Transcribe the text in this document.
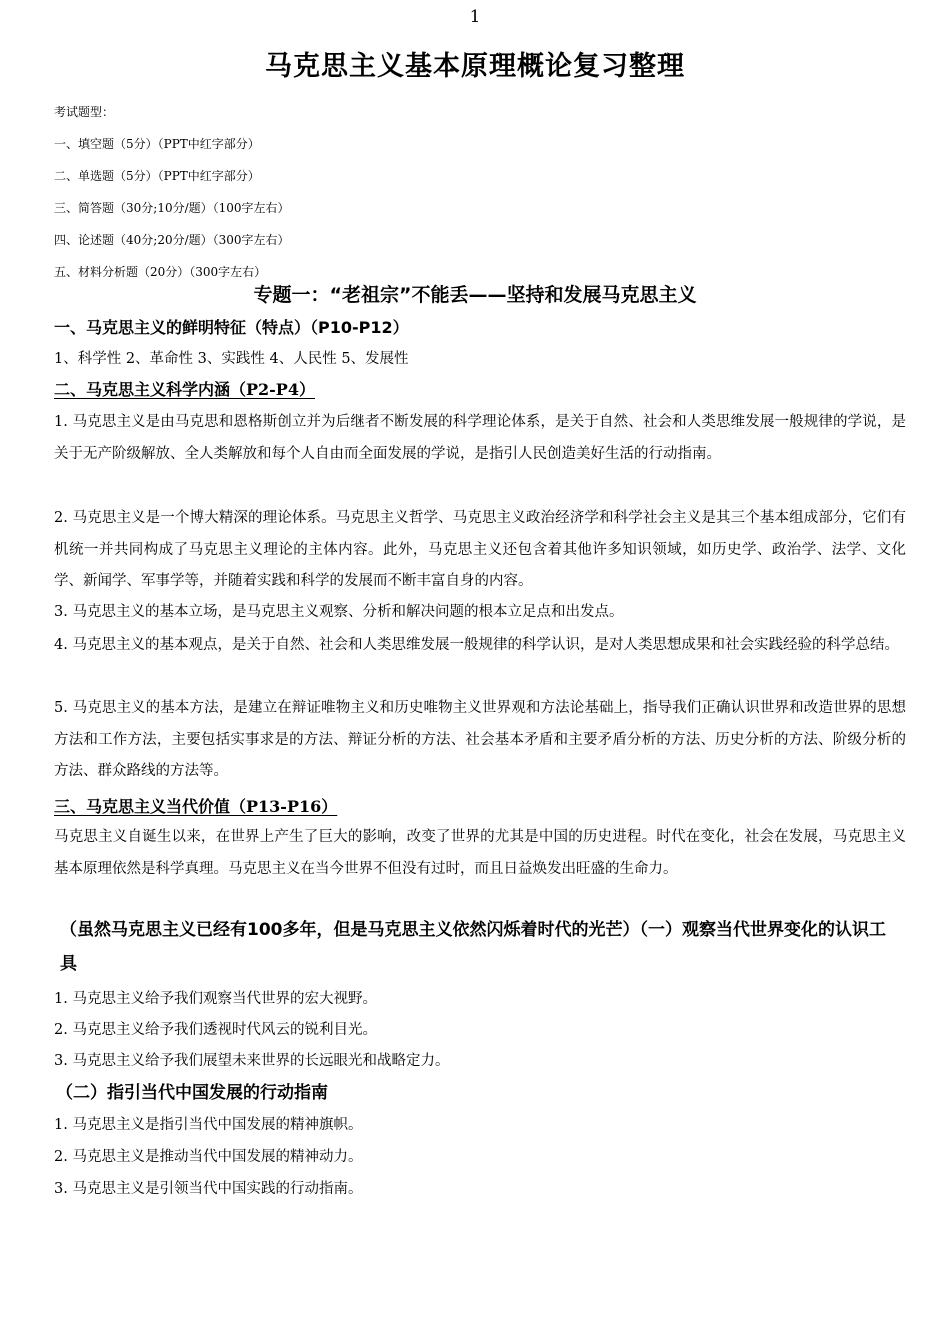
1
马克思主义基本原理概论复习整理
考试题型：
一、填空题（5分）（PPT中红字部分）
二、单选题（5分）（PPT中红字部分）
三、简答题（30分;10分/题）（100字左右）
四、论述题（40分;20分/题）（300字左右）
五、材料分析题（20分）（300字左右）
专题一：“老祖宗”不能丢——坚持和发展马克思主义
一、马克思主义的鲜明特征（特点）（P10-P12）
1、科学性 2、革命性 3、实践性 4、人民性 5、发展性
二、马克思主义科学内涵（P2-P4）
1. 马克思主义是由马克思和恩格斯创立并为后继者不断发展的科学理论体系，是关于自然、社会和人类思维发展一般规律的学说，是关于无产阶级解放、全人类解放和每个人自由而全面发展的学说，是指引人民创造美好生活的行动指南。
2. 马克思主义是一个博大精深的理论体系。马克思主义哲学、马克思主义政治经济学和科学社会主义是其三个基本组成部分，它们有机统一并共同构成了马克思主义理论的主体内容。此外，马克思主义还包含着其他许多知识领域，如历史学、政治学、法学、文化学、新闻学、军事学等，并随着实践和科学的发展而不断丰富自身的内容。
3. 马克思主义的基本立场，是马克思主义观察、分析和解决问题的根本立足点和出发点。
4. 马克思主义的基本观点，是关于自然、社会和人类思维发展一般规律的科学认识，是对人类思想成果和社会实践经验的科学总结。
5. 马克思主义的基本方法，是建立在辩证唯物主义和历史唯物主义世界观和方法论基础上，指导我们正确认识世界和改造世界的思想方法和工作方法，主要包括实事求是的方法、辩证分析的方法、社会基本矛盾和主要矛盾分析的方法、历史分析的方法、阶级分析的方法、群众路线的方法等。
三、马克思主义当代价值（P13-P16）
马克思主义自诞生以来，在世界上产生了巨大的影响，改变了世界的尤其是中国的历史进程。时代在变化，社会在发展，马克思主义基本原理依然是科学真理。马克思主义在当今世界不但没有过时，而且日益焕发出旺盛的生命力。
（虽然马克思主义已经有100多年，但是马克思主义依然闪烁着时代的光芒）（一）观察当代世界变化的认识工具
1. 马克思主义给予我们观察当代世界的宏大视野。
2. 马克思主义给予我们透视时代风云的锐利目光。
3. 马克思主义给予我们展望未来世界的长远眼光和战略定力。
（二）指引当代中国发展的行动指南
1. 马克思主义是指引当代中国发展的精神旗帜。
2. 马克思主义是推动当代中国发展的精神动力。
3. 马克思主义是引领当代中国实践的行动指南。
